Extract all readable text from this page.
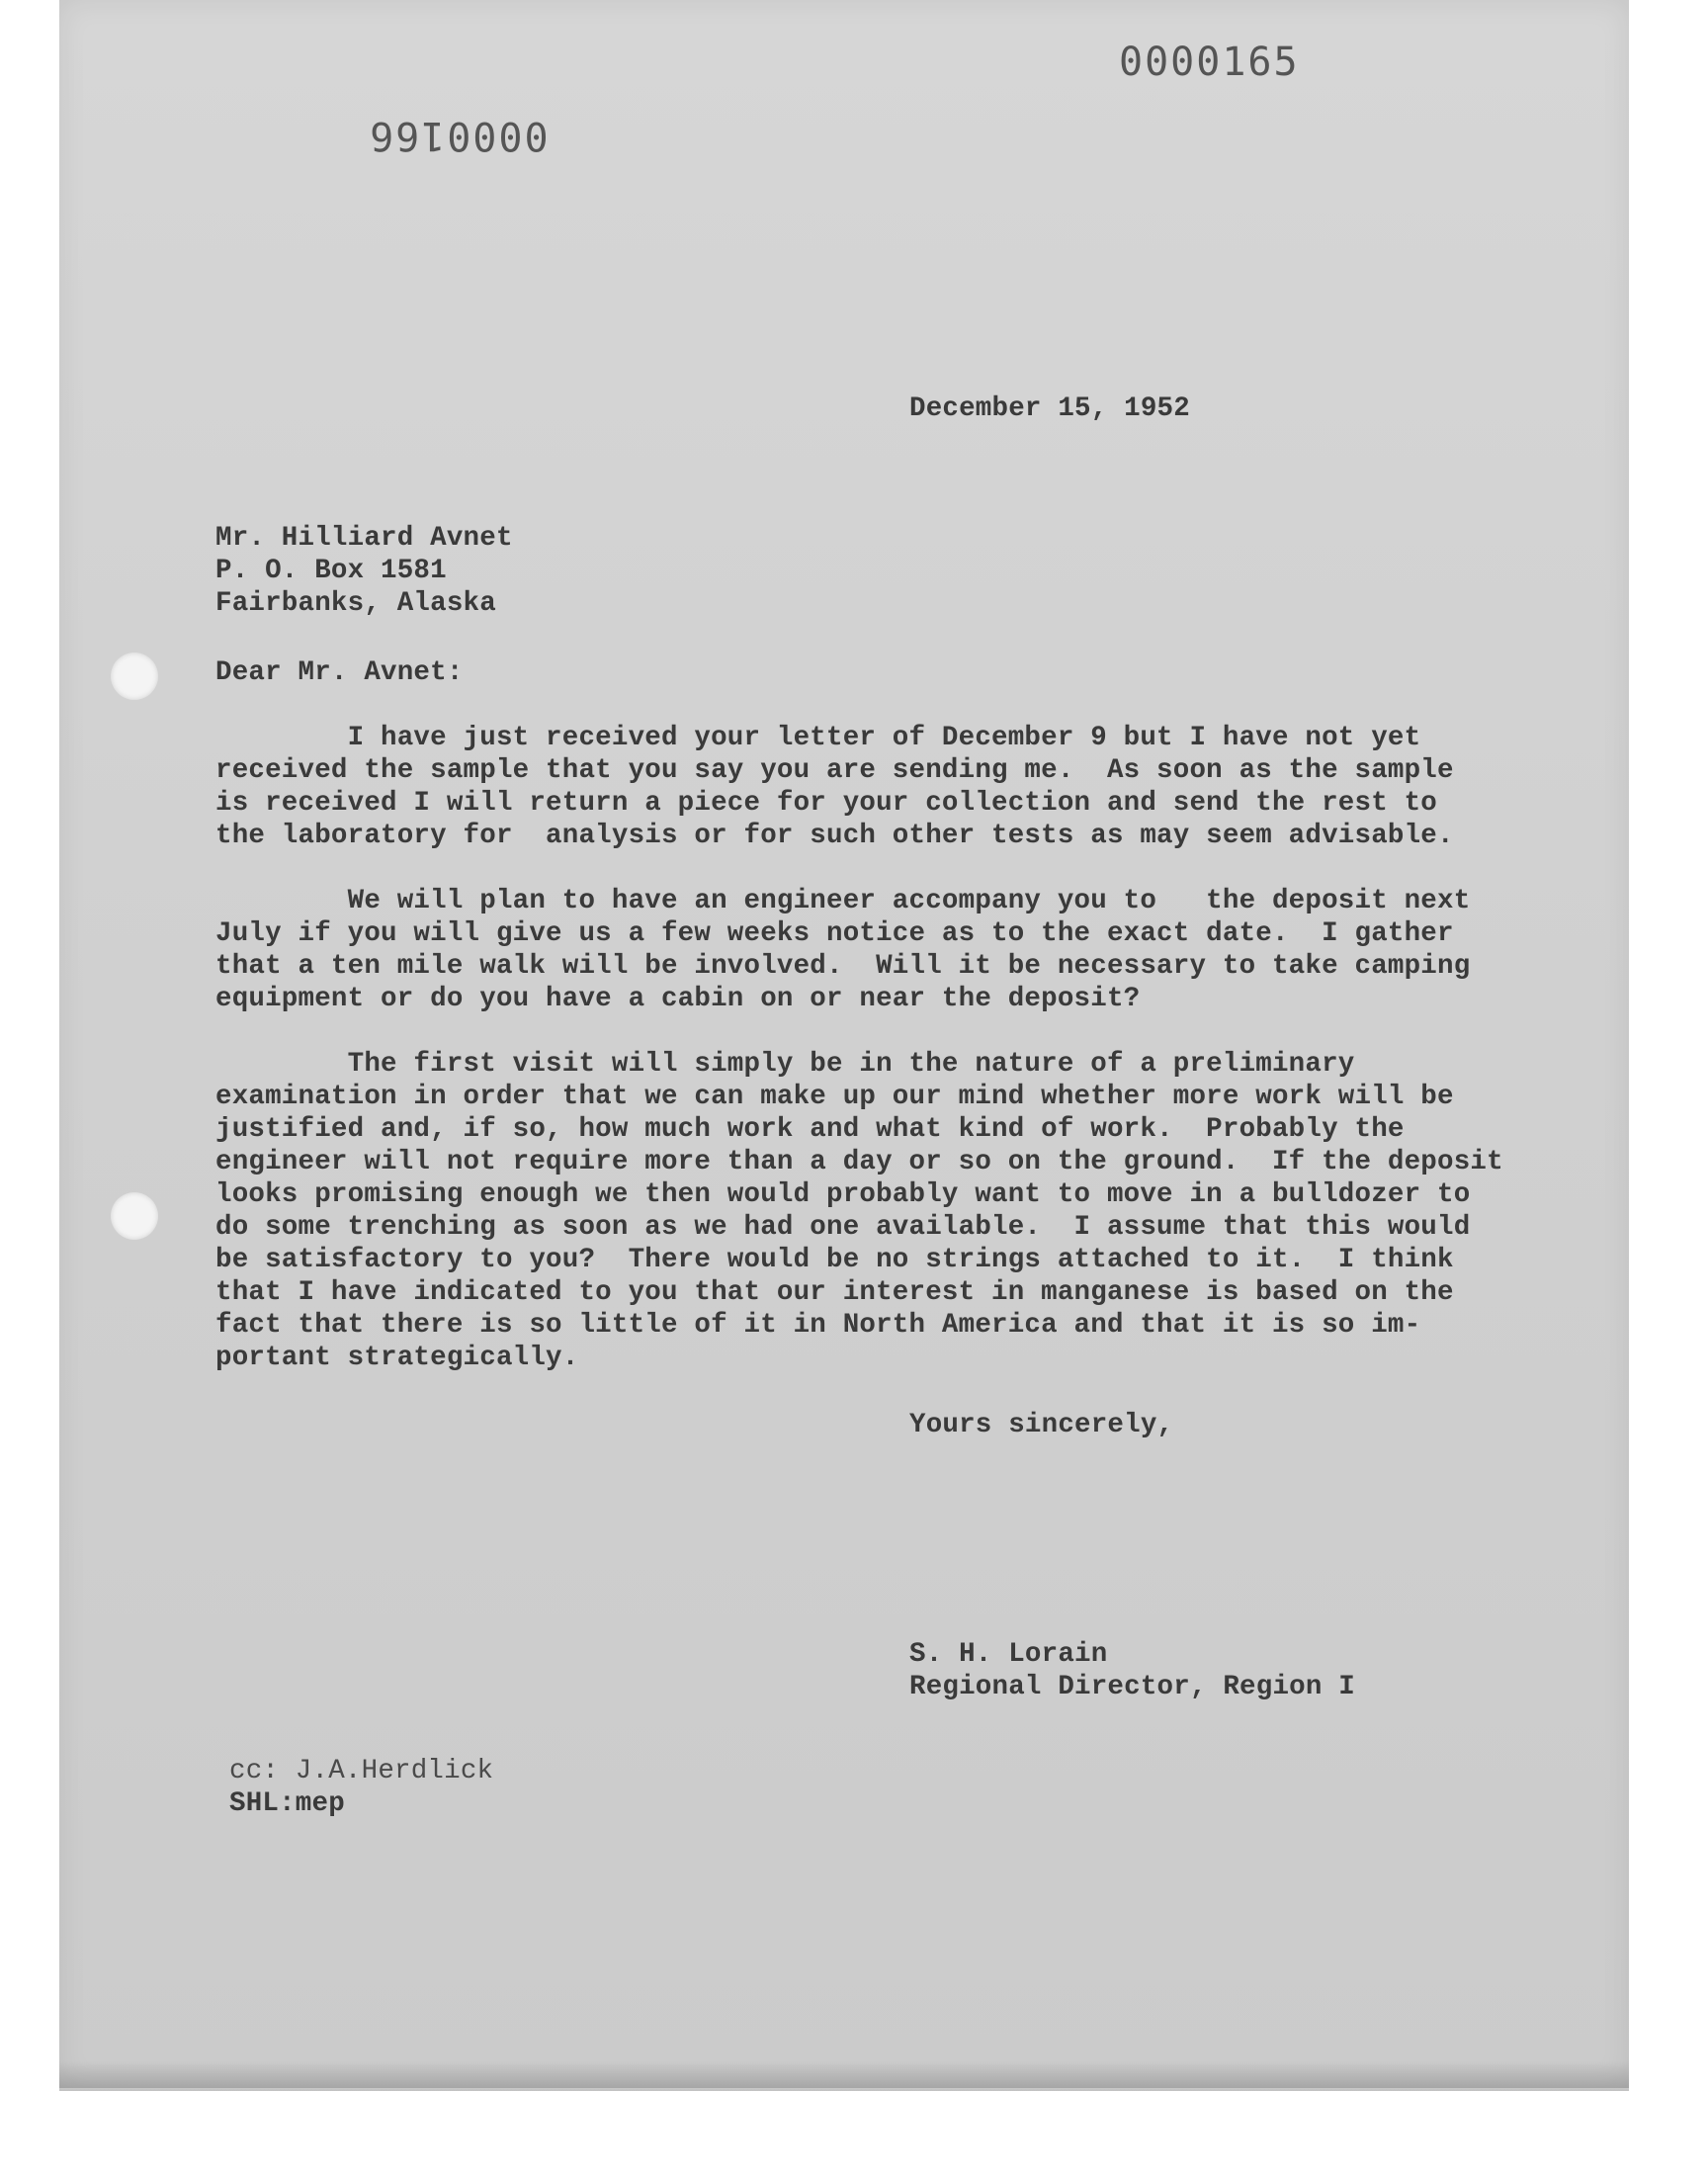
0000165
0000166
December 15, 1952
Mr. Hilliard Avnet
P. O. Box 1581
Fairbanks, Alaska
Dear Mr. Avnet:
I have just received your letter of December 9 but I have not yet
received the sample that you say you are sending me.  As soon as the sample
is received I will return a piece for your collection and send the rest to
the laboratory for  analysis or for such other tests as may seem advisable.
We will plan to have an engineer accompany you to   the deposit next
July if you will give us a few weeks notice as to the exact date.  I gather
that a ten mile walk will be involved.  Will it be necessary to take camping
equipment or do you have a cabin on or near the deposit?
The first visit will simply be in the nature of a preliminary
examination in order that we can make up our mind whether more work will be
justified and, if so, how much work and what kind of work.  Probably the
engineer will not require more than a day or so on the ground.  If the deposit
looks promising enough we then would probably want to move in a bulldozer to
do some trenching as soon as we had one available.  I assume that this would
be satisfactory to you?  There would be no strings attached to it.  I think
that I have indicated to you that our interest in manganese is based on the
fact that there is so little of it in North America and that it is so im-
portant strategically.
Yours sincerely,
S. H. Lorain
Regional Director, Region I
cc: J.A.Herdlick
SHL:mep
